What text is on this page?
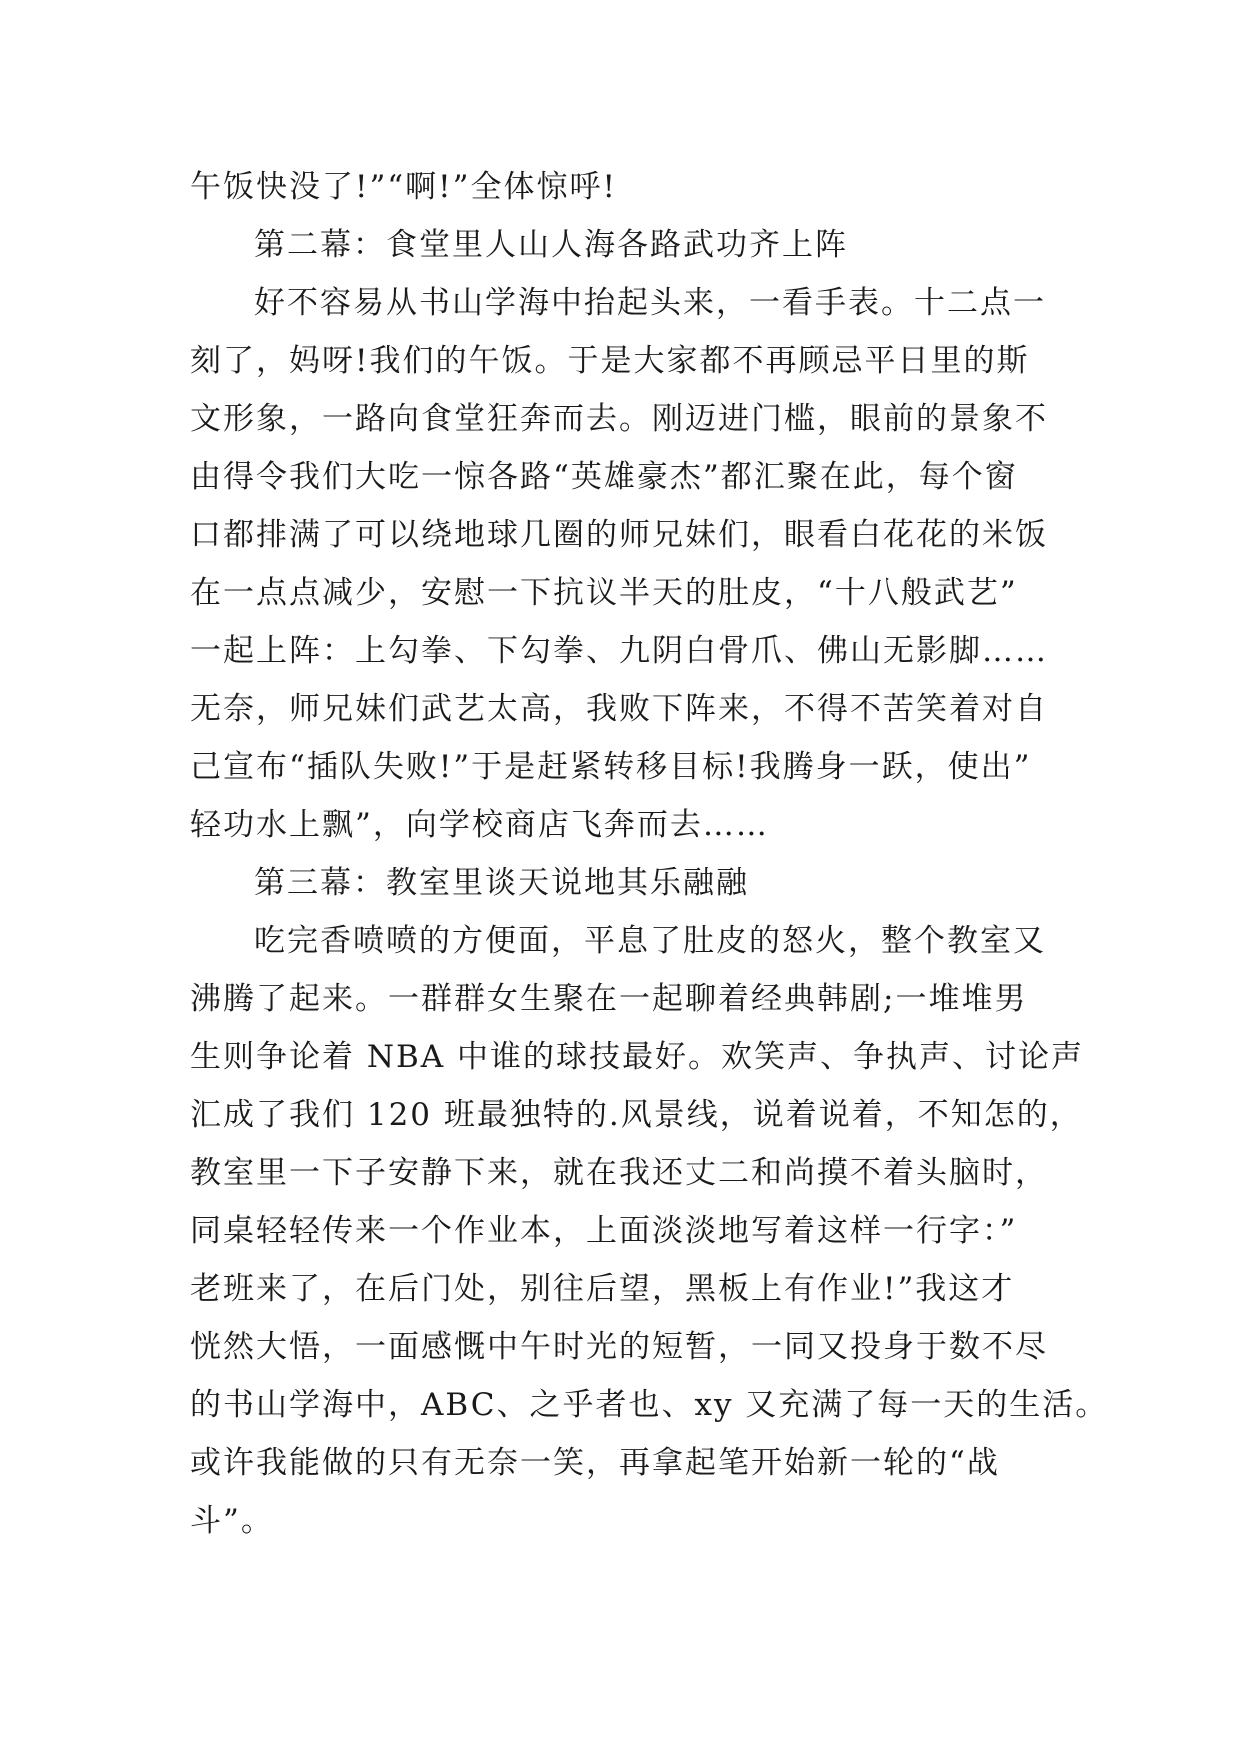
午饭快没了!”“啊!”全体惊呼!
第二幕：食堂里人山人海各路武功齐上阵
好不容易从书山学海中抬起头来，一看手表。十二点一
刻了，妈呀!我们的午饭。于是大家都不再顾忌平日里的斯
文形象，一路向食堂狂奔而去。刚迈进门槛，眼前的景象不
由得令我们大吃一惊各路“英雄豪杰”都汇聚在此，每个窗
口都排满了可以绕地球几圈的师兄妹们，眼看白花花的米饭
在一点点减少，安慰一下抗议半天的肚皮，“十八般武艺”
一起上阵：上勾拳、下勾拳、九阴白骨爪、佛山无影脚……
无奈，师兄妹们武艺太高，我败下阵来，不得不苦笑着对自
己宣布“插队失败!”于是赶紧转移目标!我腾身一跃，使出”
轻功水上飘”，向学校商店飞奔而去……
第三幕：教室里谈天说地其乐融融
吃完香喷喷的方便面，平息了肚皮的怒火，整个教室又
沸腾了起来。一群群女生聚在一起聊着经典韩剧;一堆堆男
生则争论着 NBA 中谁的球技最好。欢笑声、争执声、讨论声
汇成了我们 120 班最独特的.风景线，说着说着，不知怎的，
教室里一下子安静下来，就在我还丈二和尚摸不着头脑时，
同桌轻轻传来一个作业本，上面淡淡地写着这样一行字：”
老班来了，在后门处，别往后望，黑板上有作业!”我这才
恍然大悟，一面感慨中午时光的短暂，一同又投身于数不尽
的书山学海中，ABC、之乎者也、xy 又充满了每一天的生活。
或许我能做的只有无奈一笑，再拿起笔开始新一轮的“战
斗”。
